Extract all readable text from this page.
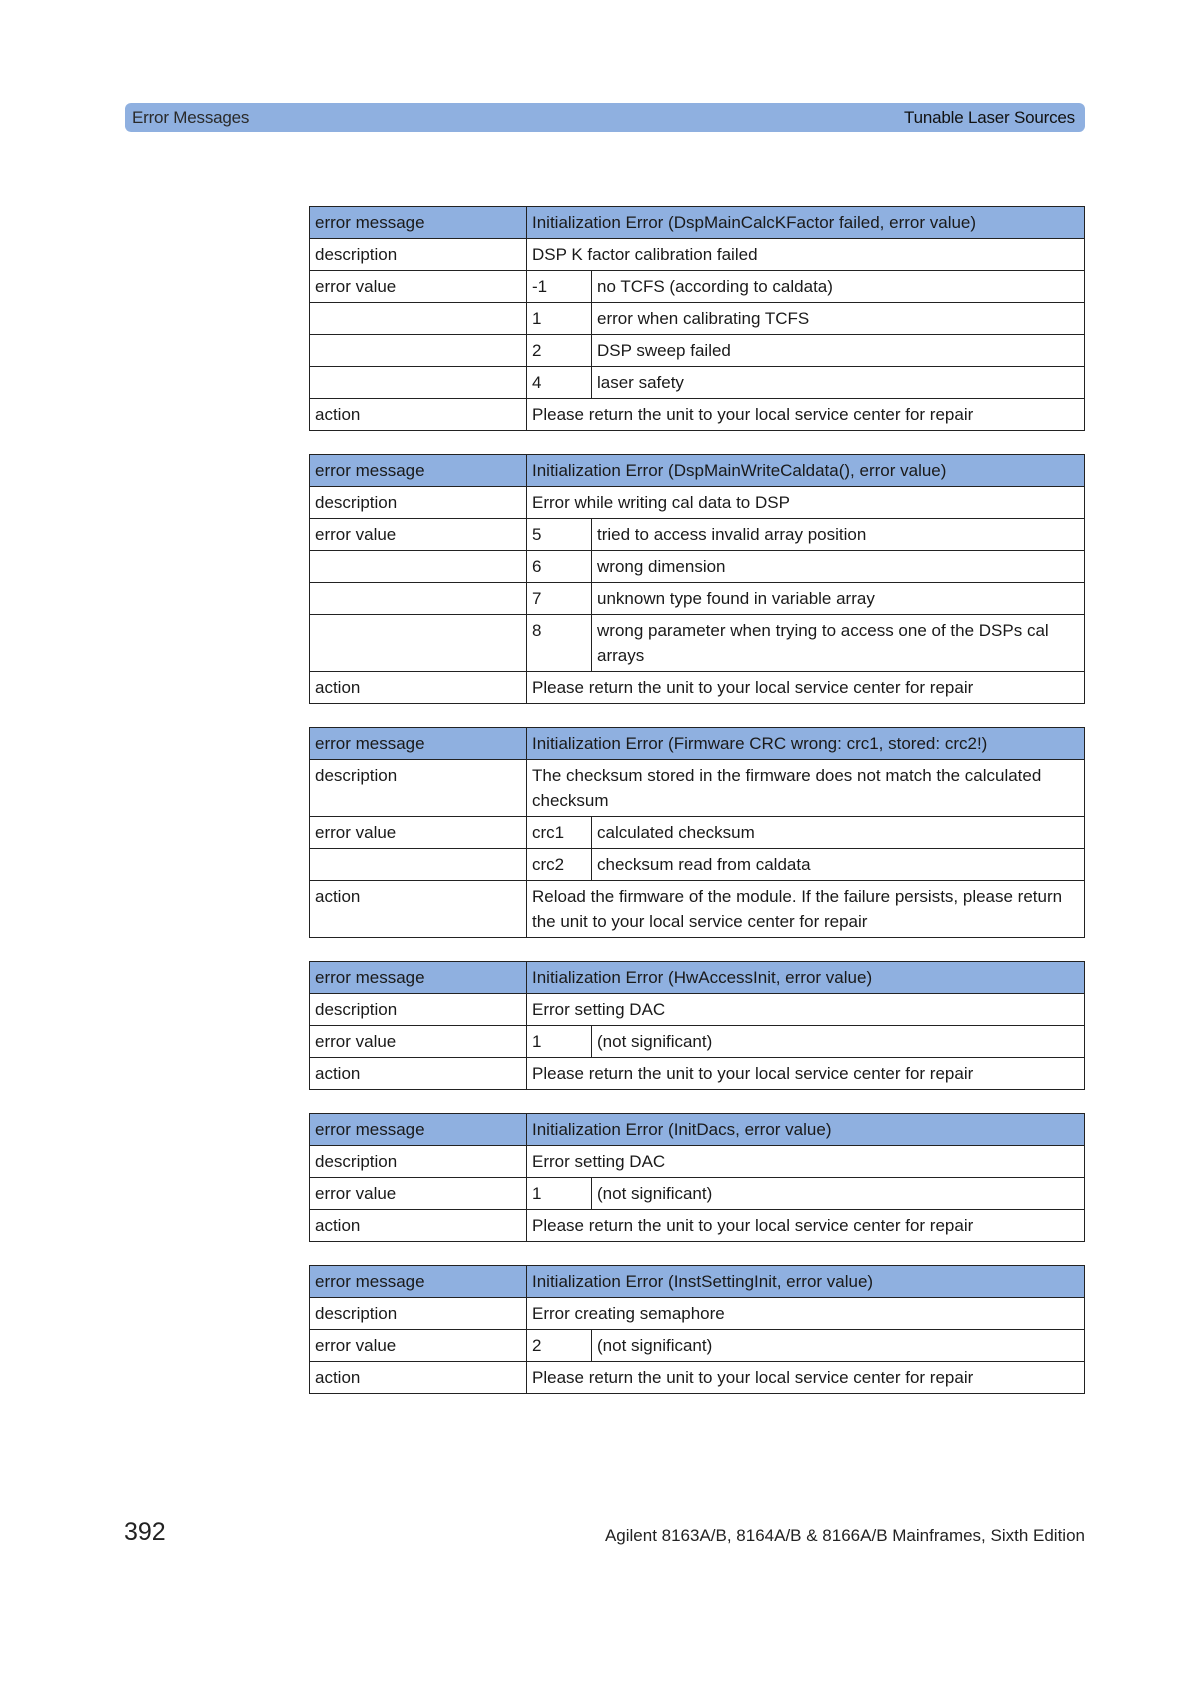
Error Messages	Tunable Laser Sources
error message	Initialization Error (DspMainCalcKFactor failed, error value)	
description	DSP K factor calibration failed	
error value	-1	no TCFS (according to caldata)
	1	error when calibrating TCFS
	2	DSP sweep failed
	4	laser safety
action	Please return the unit to your local service center for repair	
error message	Initialization Error (DspMainWriteCaldata(), error value)	
description	Error while writing cal data to DSP	
error value	5	tried to access invalid array position
	6	wrong dimension
	7	unknown type found in variable array
	8	wrong parameter when trying to access one of the DSPs cal arrays
action	Please return the unit to your local service center for repair	
error message	Initialization Error (Firmware CRC wrong: crc1, stored: crc2!)	
description	The checksum stored in the firmware does not match the calculated checksum	
error value	crc1	calculated checksum
	crc2	checksum read from caldata
action	Reload the firmware of the module. If the failure persists, please return the unit to your local service center for repair	
error message	Initialization Error (HwAccessInit, error value)	
description	Error setting DAC	
error value	1	(not significant)
action	Please return the unit to your local service center for repair	
error message	Initialization Error (InitDacs, error value)	
description	Error setting DAC	
error value	1	(not significant)
action	Please return the unit to your local service center for repair	
error message	Initialization Error (InstSettingInit, error value)	
description	Error creating semaphore	
error value	2	(not significant)
action	Please return the unit to your local service center for repair	
392	Agilent 8163A/B, 8164A/B & 8166A/B Mainframes, Sixth Edition
